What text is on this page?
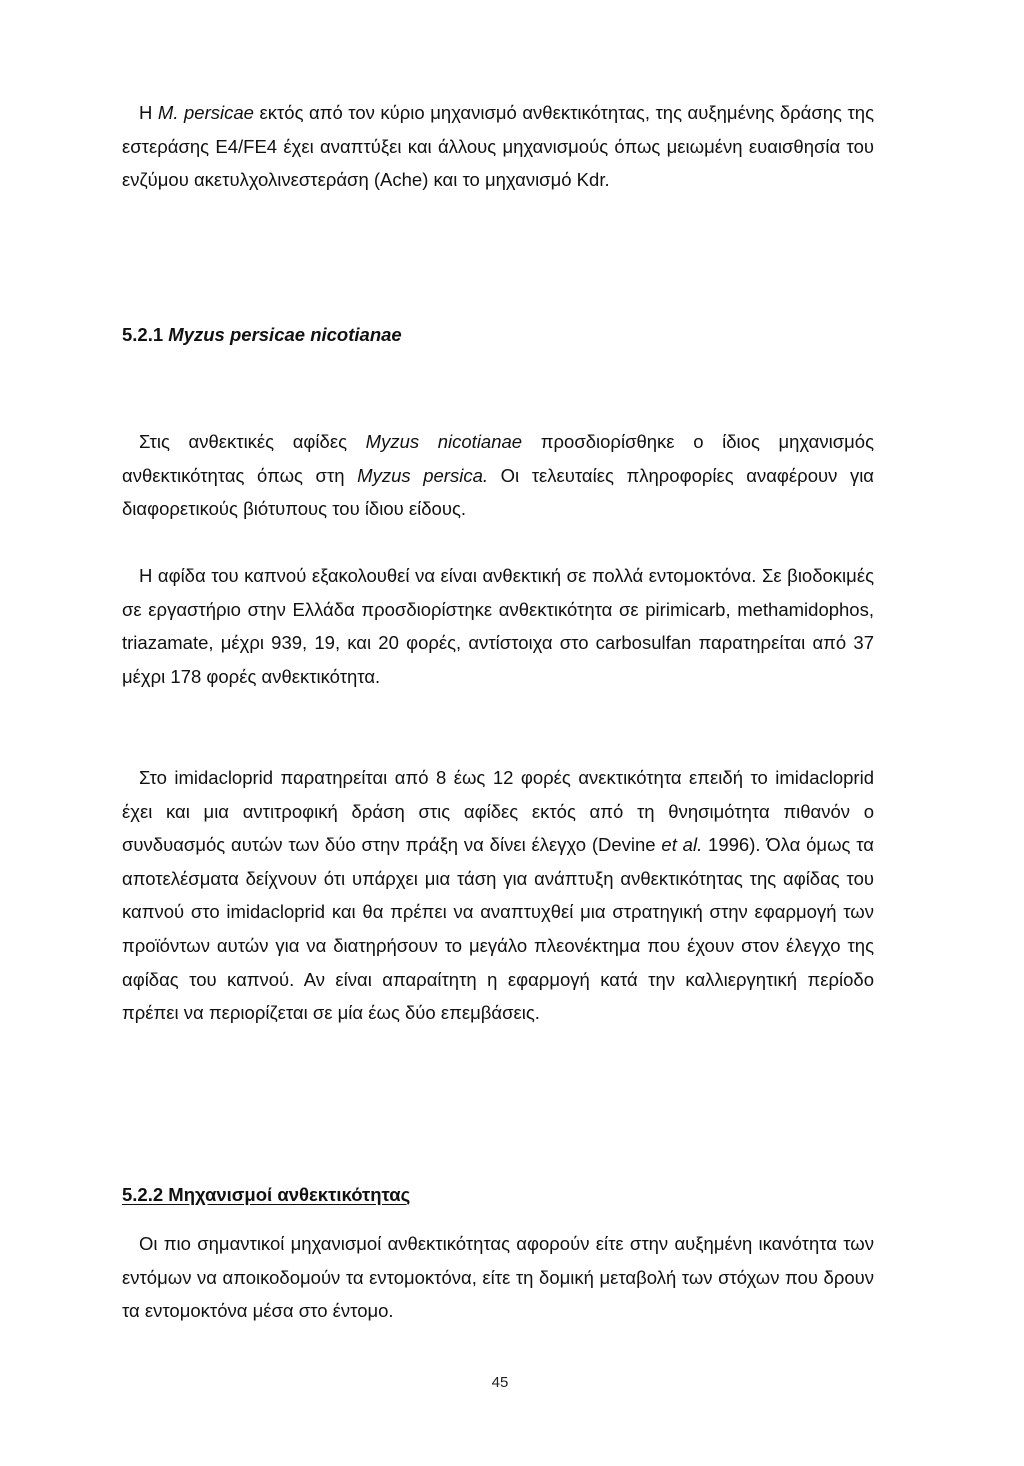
Η Μ. persicae εκτός από τον κύριο μηχανισμό ανθεκτικότητας, της αυξημένης δράσης της εστεράσης Ε4/FE4 έχει αναπτύξει και άλλους μηχανισμούς όπως μειωμένη ευαισθησία του ενζύμου ακετυλχολινεστεράση (Ache) και το μηχανισμό Kdr.

5.2.1 Myzus persicae nicotianae

Στις ανθεκτικές αφίδες Myzus nicotianae προσδιορίσθηκε ο ίδιος μηχανισμός ανθεκτικότητας όπως στη Myzus persica. Οι τελευταίες πληροφορίες αναφέρουν για διαφορετικούς βιότυπους του ίδιου είδους.

Η αφίδα του καπνού εξακολουθεί να είναι ανθεκτική σε πολλά εντομοκτόνα. Σε βιοδοκιμές σε εργαστήριο στην Ελλάδα προσδιορίστηκε ανθεκτικότητα σε pirimicarb, methamidophos, triazamate, μέχρι 939, 19, και 20 φορές, αντίστοιχα στο carbosulfan παρατηρείται από 37 μέχρι 178 φορές ανθεκτικότητα.

Στο imidacloprid παρατηρείται από 8 έως 12 φορές ανεκτικότητα επειδή το imidacloprid έχει και μια αντιτροφική δράση στις αφίδες εκτός από τη θνησιμότητα πιθανόν ο συνδυασμός αυτών των δύο στην πράξη να δίνει έλεγχο (Devine et al. 1996). Όλα όμως τα αποτελέσματα δείχνουν ότι υπάρχει μια τάση για ανάπτυξη ανθεκτικότητας της αφίδας του καπνού στο imidacloprid και θα πρέπει να αναπτυχθεί μια στρατηγική στην εφαρμογή των προϊόντων αυτών για να διατηρήσουν το μεγάλο πλεονέκτημα που έχουν στον έλεγχο της αφίδας του καπνού. Αν είναι απαραίτητη η εφαρμογή κατά την καλλιεργητική περίοδο πρέπει να περιορίζεται σε μία έως δύο επεμβάσεις.

5.2.2 Μηχανισμοί ανθεκτικότητας

Οι πιο σημαντικοί μηχανισμοί ανθεκτικότητας αφορούν είτε στην αυξημένη ικανότητα των εντόμων να αποικοδομούν τα εντομοκτόνα, είτε τη δομική μεταβολή των στόχων που δρουν τα εντομοκτόνα μέσα στο έντομο.

45
